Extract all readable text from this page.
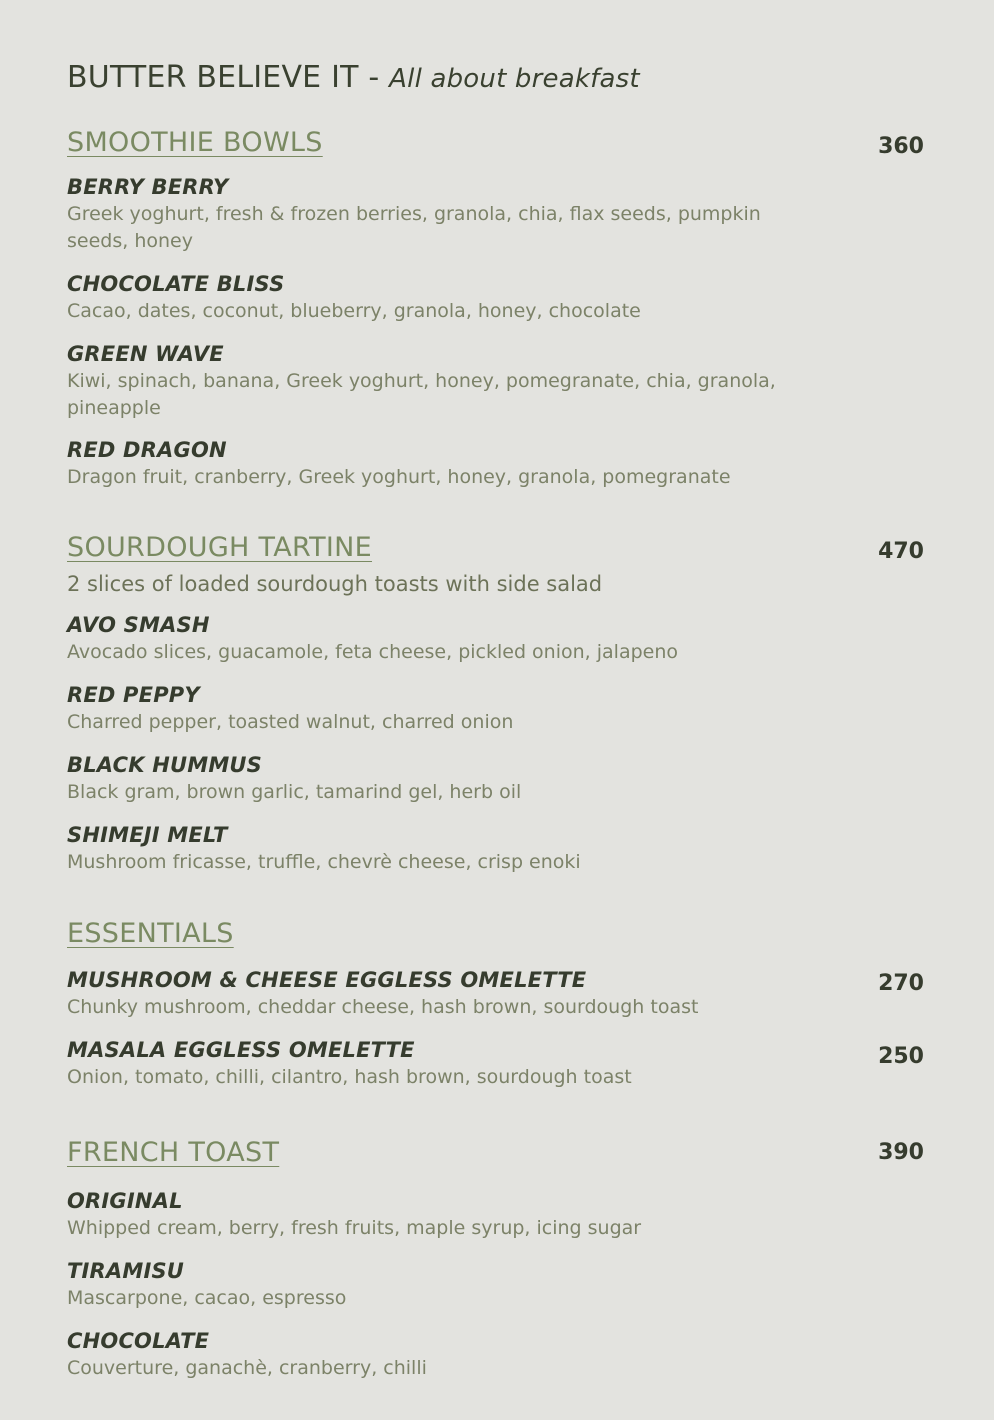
BUTTER BELIEVE IT - All about breakfast
SMOOTHIE BOWLS	360
BERRY BERRY
Greek yoghurt, fresh & frozen berries, granola, chia, flax seeds, pumpkin seeds, honey
CHOCOLATE BLISS
Cacao, dates, coconut, blueberry, granola, honey, chocolate
GREEN WAVE
Kiwi, spinach, banana, Greek yoghurt, honey, pomegranate, chia, granola, pineapple
RED DRAGON
Dragon fruit, cranberry, Greek yoghurt, honey, granola, pomegranate
SOURDOUGH TARTINE	470
2 slices of loaded sourdough toasts with side salad
AVO SMASH
Avocado slices, guacamole, feta cheese, pickled onion, jalapeno
RED PEPPY
Charred pepper, toasted walnut, charred onion
BLACK HUMMUS
Black gram, brown garlic, tamarind gel, herb oil
SHIMEJI MELT
Mushroom fricasse, truffle, chevrè cheese, crisp enoki
ESSENTIALS
MUSHROOM & CHEESE EGGLESS OMELETTE	270
Chunky mushroom, cheddar cheese, hash brown, sourdough toast
MASALA EGGLESS OMELETTE	250
Onion, tomato, chilli, cilantro, hash brown, sourdough toast
FRENCH TOAST	390
ORIGINAL
Whipped cream, berry, fresh fruits, maple syrup, icing sugar
TIRAMISU
Mascarpone, cacao, espresso
CHOCOLATE
Couverture, ganachè, cranberry, chilli
